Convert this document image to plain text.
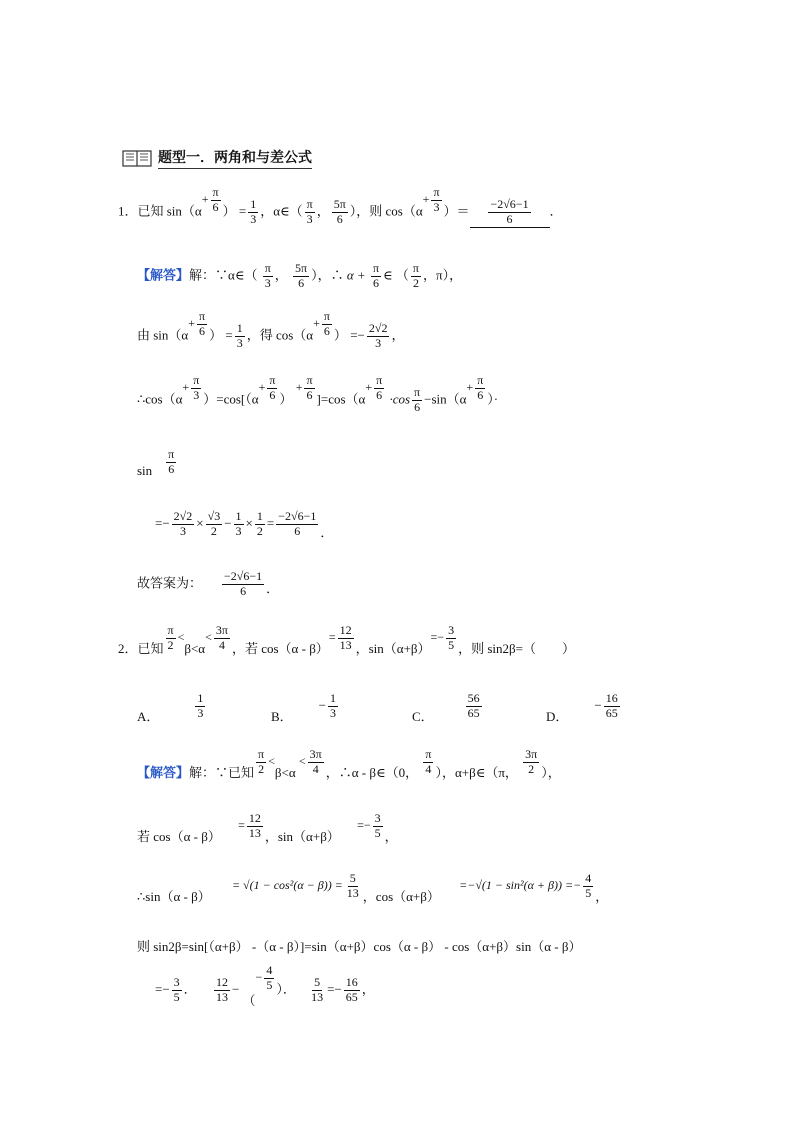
题型一．两角和与差公式
1．已知 $\sin(\alpha+ \frac{\pi}{6}$ ） = $\frac{1}{3}$ ，α∈（ $\frac{\pi}{3}$ ， $\frac{5\pi}{6}$ ），则 $\cos(\alpha+ \frac{\pi}{3}$ ）＝ $\frac{-2√6-1}{6}$ ．
【解答】解：∵α∈（ $\frac{\pi}{3}$ ， $\frac{5\pi}{6}$ ），∴ $\alpha + \frac{\pi}{6}$ ∈ （ $\frac{\pi}{2}$ ，π），
由 $\sin(\alpha+ \frac{\pi}{6}$ ） = $\frac{1}{3}$ ，得 $\cos(\alpha+ \frac{\pi}{6}$ ） =− $\frac{2√2}{3}$ ，
∴cos（α+ $\frac{\pi}{3} )=\cos[(\alpha+ \frac{\pi}{6}$ ） + $\frac{\pi}{6} ]=\cos(\alpha+ \frac{\pi}{6} \cdot\cos \frac{\pi}{6} -\sin(\alpha+ \frac{\pi}{6}$ ）·
$\sin \frac{\pi}{6}$
=− $\frac{2√2}{3} \times \frac{√3}{2} - \frac{1}{3} \times \frac{1}{2} = \frac{-2√6-1}{6}$ ．
故答案为： $\frac{-2√6-1}{6}$ ．
2．已知 $\frac{\pi}{2} <\beta<\alpha< \frac{3\pi}{4}$ ，若 $\cos(\alpha - \beta)= \frac{12}{13}$ ，$\sin(\alpha+\beta)=- \frac{3}{5}$ ，则 sin2β=（　　）
A．	$\frac{1}{3}$	B．− $\frac{1}{3}$	C．	$\frac{56}{65}$	D．− $\frac{16}{65}$
【解答】解：∵已知 $\frac{\pi}{2} <\beta<\alpha < \frac{3\pi}{4}$ ，∴α - β∈（0， $\frac{\pi}{4}$ ），α+β∈（π， $\frac{3\pi}{2}$ ），
若 $\cos(\alpha - \beta) = \frac{12}{13}$ ，$\sin(\alpha+\beta) =- \frac{3}{5}$ ，
∴sin（α - $\beta) = √(1 - \cos^2(\alpha - \beta)) = \frac{5}{13}$ ，$\cos(\alpha+\beta) =-√(1 - \sin^2(\alpha + \beta)) =- \frac{4}{5}$ ，
则 sin2β=sin[（α+β） -（α - β）]=sin（α+β）cos（α - β） - cos（α+β）sin（α - β）
=− $\frac{3}{5}$ ． $\frac{12}{13}$ − （− $\frac{4}{5}$ ）． $\frac{5}{13} =- \frac{16}{65}$ ，
